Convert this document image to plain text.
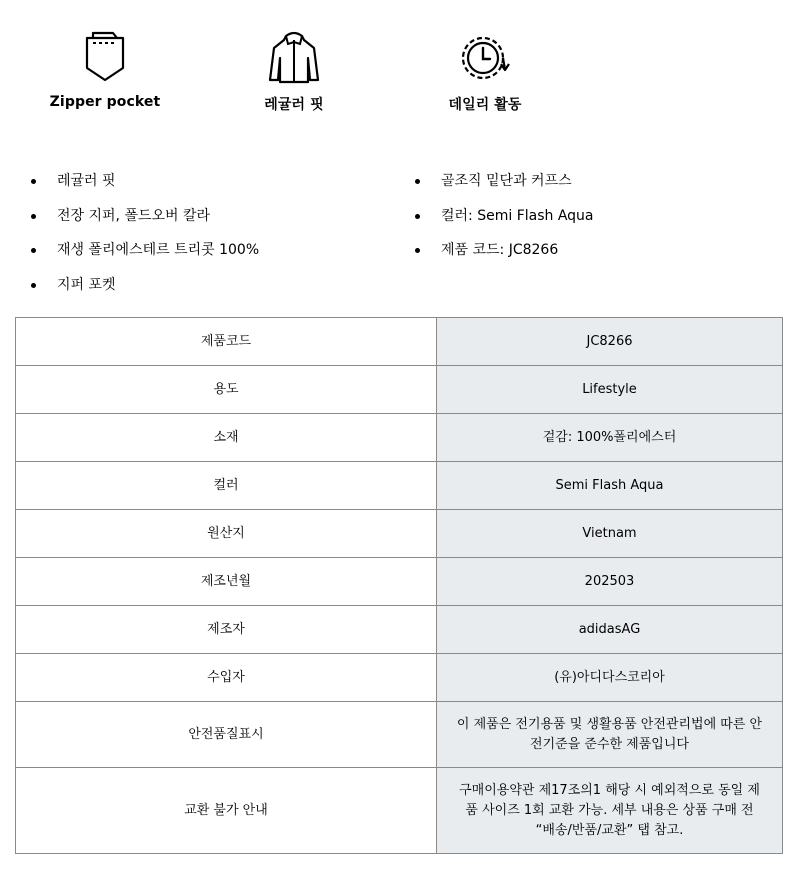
Zipper pocket	레귤러 핏	데일리 활동
레귤러 핏
전장 지퍼, 폴드오버 칼라
재생 폴리에스테르 트리콧 100%
지퍼 포켓
골조직 밑단과 커프스
컬러: Semi Flash Aqua
제품 코드: JC8266
제품코드	JC8266
용도	Lifestyle
소재	겉감: 100%폴리에스터
컬러	Semi Flash Aqua
원산지	Vietnam
제조년월	202503
제조자	adidasAG
수입자	(유)아디다스코리아
안전품질표시	이 제품은 전기용품 및 생활용품 안전관리법에 따른 안전기준을 준수한 제품입니다
교환 불가 안내	구매이용약관 제17조의1 해당 시 예외적으로 동일 제품 사이즈 1회 교환 가능. 세부 내용은 상품 구매 전 “배송/반품/교환” 탭 참고.
